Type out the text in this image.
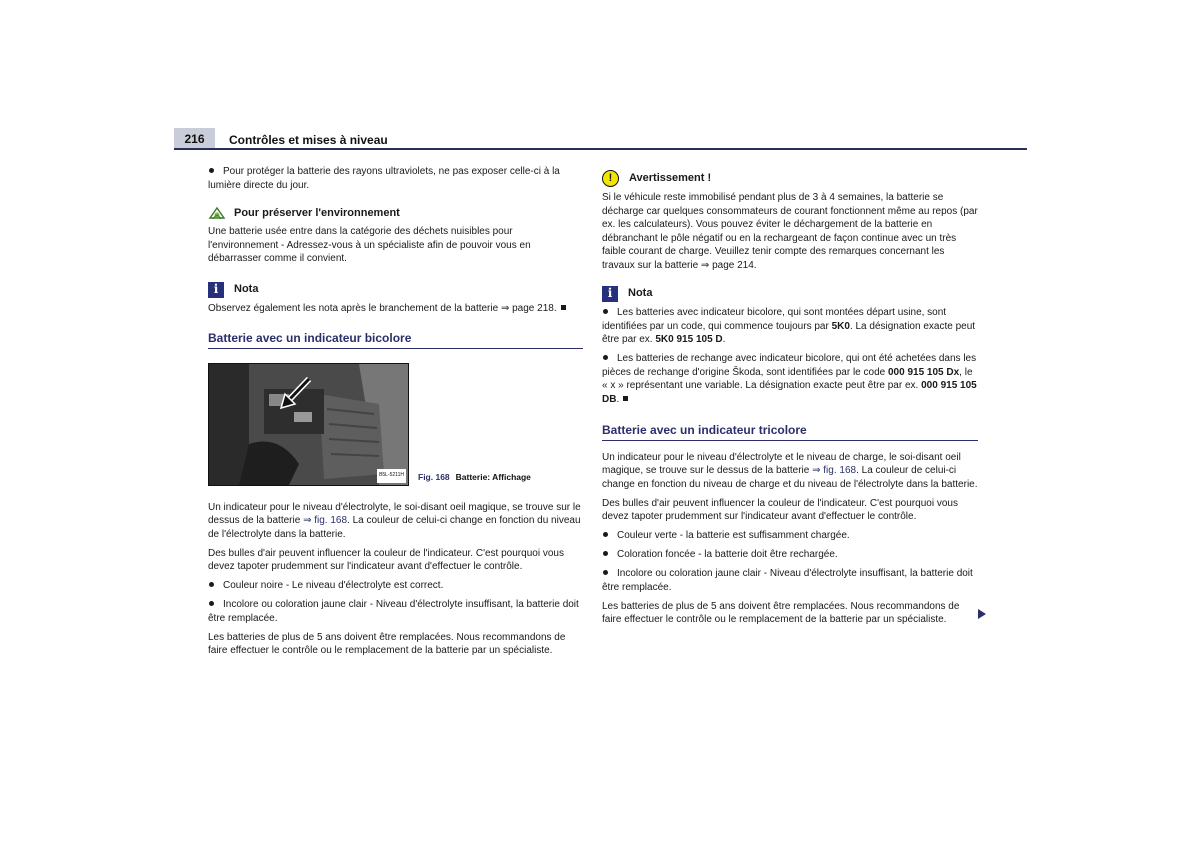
216	Contrôles et mises à niveau

Pour protéger la batterie des rayons ultraviolets, ne pas exposer celle-ci à la lumière directe du jour.

Pour préserver l'environnement

Une batterie usée entre dans la catégorie des déchets nuisibles pour l'environnement - Adressez-vous à un spécialiste afin de pouvoir vous en débarrasser comme il convient.

i	Nota

Observez également les nota après le branchement de la batterie ⇒ page 218.

Batterie avec un indicateur bicolore
B5L-5211H Fig. 168 Batterie: Affichage

Un indicateur pour le niveau d'électrolyte, le soi-disant oeil magique, se trouve sur le dessus de la batterie ⇒ fig. 168. La couleur de celui-ci change en fonction du niveau de l'électrolyte dans la batterie.

Des bulles d'air peuvent influencer la couleur de l'indicateur. C'est pourquoi vous devez tapoter prudemment sur l'indicateur avant d'effectuer le contrôle.

Couleur noire - Le niveau d'électrolyte est correct.

Incolore ou coloration jaune clair - Niveau d'électrolyte insuffisant, la batterie doit être remplacée.

Les batteries de plus de 5 ans doivent être remplacées. Nous recommandons de faire effectuer le contrôle ou le remplacement de la batterie par un spécialiste.

!	Avertissement !

Si le véhicule reste immobilisé pendant plus de 3 à 4 semaines, la batterie se décharge car quelques consommateurs de courant fonctionnent même au repos (par ex. les calculateurs). Vous pouvez éviter le déchargement de la batterie en débranchant le pôle négatif ou en la rechargeant de façon continue avec un très faible courant de charge. Veuillez tenir compte des remarques concernant les travaux sur la batterie ⇒ page 214.

i	Nota

Les batteries avec indicateur bicolore, qui sont montées départ usine, sont identifiées par un code, qui commence toujours par 5K0. La désignation exacte peut être par ex. 5K0 915 105 D.

Les batteries de rechange avec indicateur bicolore, qui ont été achetées dans les pièces de rechange d'origine Škoda, sont identifiées par le code 000 915 105 Dx, le « x » représentant une variable. La désignation exacte peut être par ex. 000 915 105 DB.

Batterie avec un indicateur tricolore

Un indicateur pour le niveau d'électrolyte et le niveau de charge, le soi-disant oeil magique, se trouve sur le dessus de la batterie ⇒ fig. 168. La couleur de celui-ci change en fonction du niveau de charge et du niveau de l'électrolyte dans la batterie.

Des bulles d'air peuvent influencer la couleur de l'indicateur. C'est pourquoi vous devez tapoter prudemment sur l'indicateur avant d'effectuer le contrôle.

Couleur verte - la batterie est suffisamment chargée.

Coloration foncée - la batterie doit être rechargée.

Incolore ou coloration jaune clair - Niveau d'électrolyte insuffisant, la batterie doit être remplacée.

Les batteries de plus de 5 ans doivent être remplacées. Nous recommandons de faire effectuer le contrôle ou le remplacement de la batterie par un spécialiste.
